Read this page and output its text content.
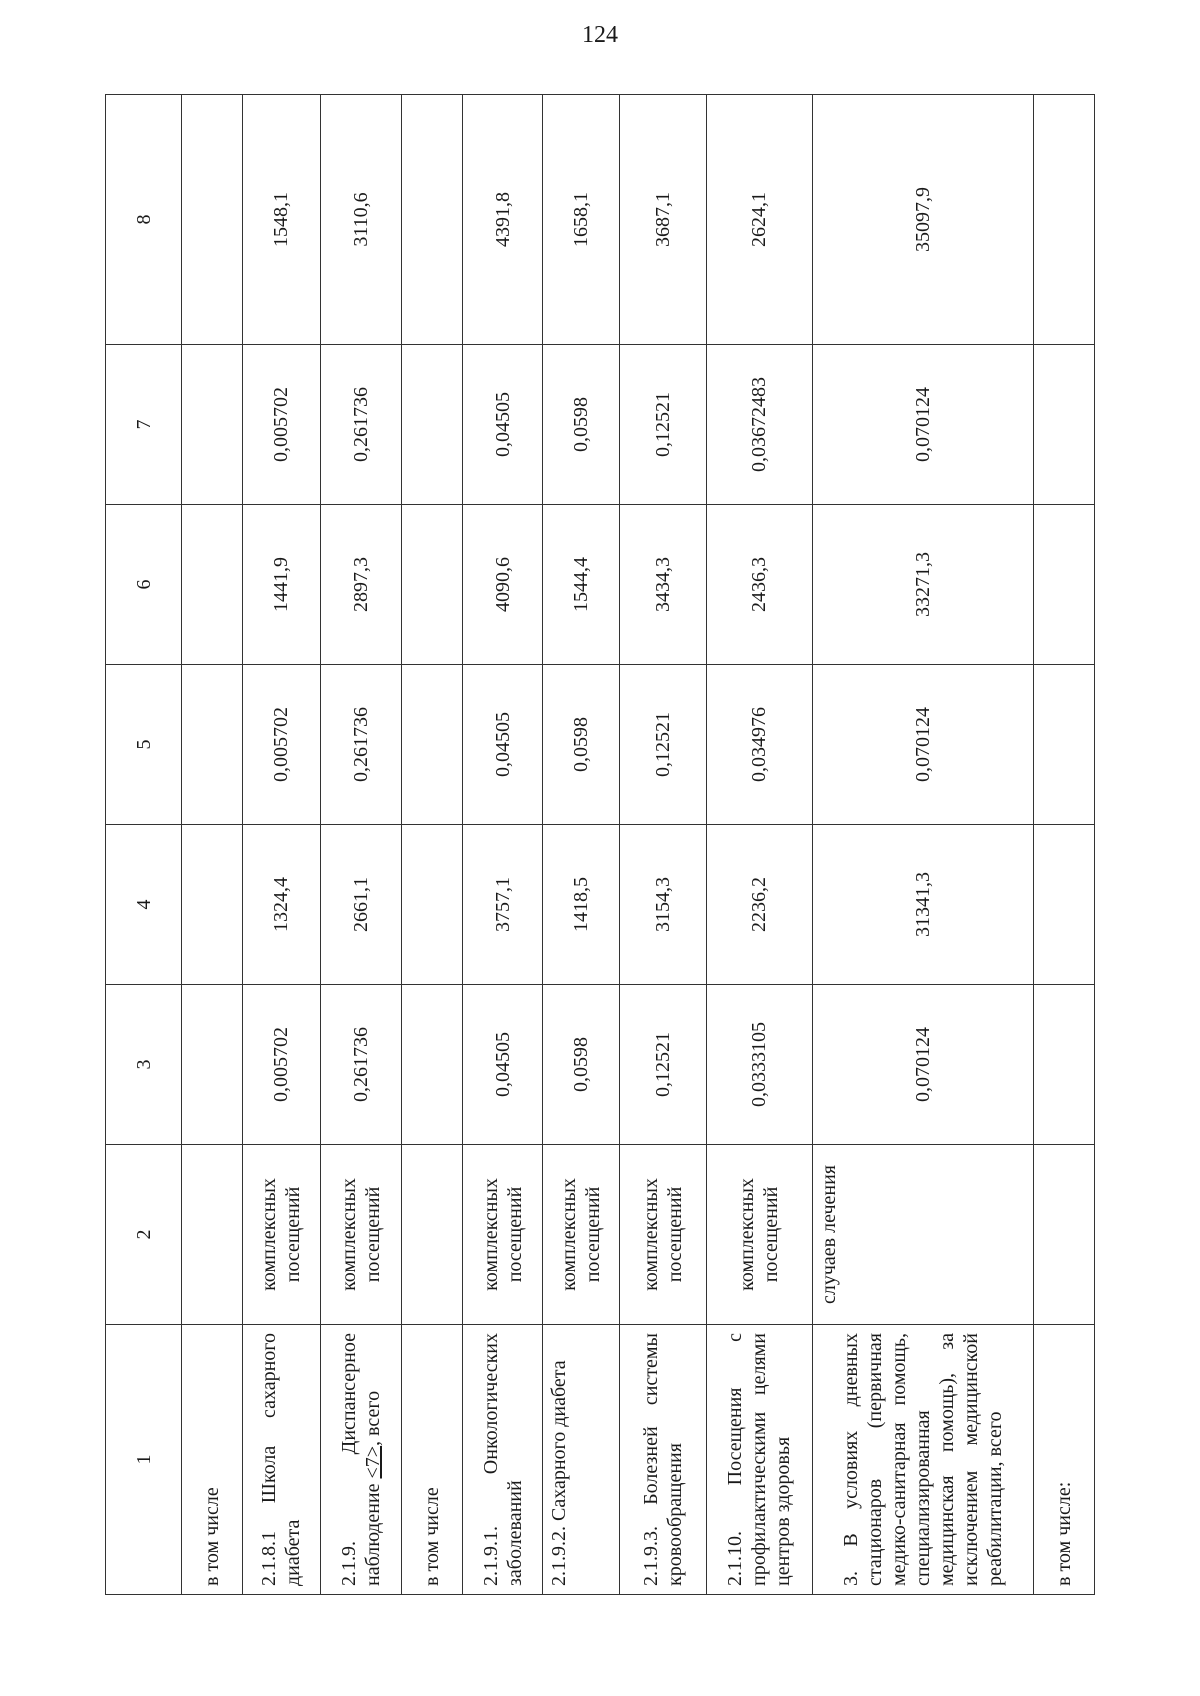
124
1	2	3	4	5	6	7	8
в том числе							
2.1.8.1 Школа сахарного диабета	комплексных посещений	0,005702	1324,4	0,005702	1441,9	0,005702	1548,1
2.1.9. Диспансерное наблюдение <7>, всего	комплексных посещений	0,261736	2661,1	0,261736	2897,3	0,261736	3110,6
в том числе							
2.1.9.1. Онкологических заболеваний	комплексных посещений	0,04505	3757,1	0,04505	4090,6	0,04505	4391,8
2.1.9.2. Сахарного диабета	комплексных посещений	0,0598	1418,5	0,0598	1544,4	0,0598	1658,1
2.1.9.3. Болезней системы кровообращения	комплексных посещений	0,12521	3154,3	0,12521	3434,3	0,12521	3687,1
2.1.10. Посещения с профилактическими целями центров здоровья	комплексных посещений	0,0333105	2236,2	0,034976	2436,3	0,03672483	2624,1
3. В условиях дневных стационаров (первичная медико-санитарная помощь, специализированная медицинская помощь), за исключением медицинской реабилитации, всего	случаев лечения	0,070124	31341,3	0,070124	33271,3	0,070124	35097,9
в том числе:							
